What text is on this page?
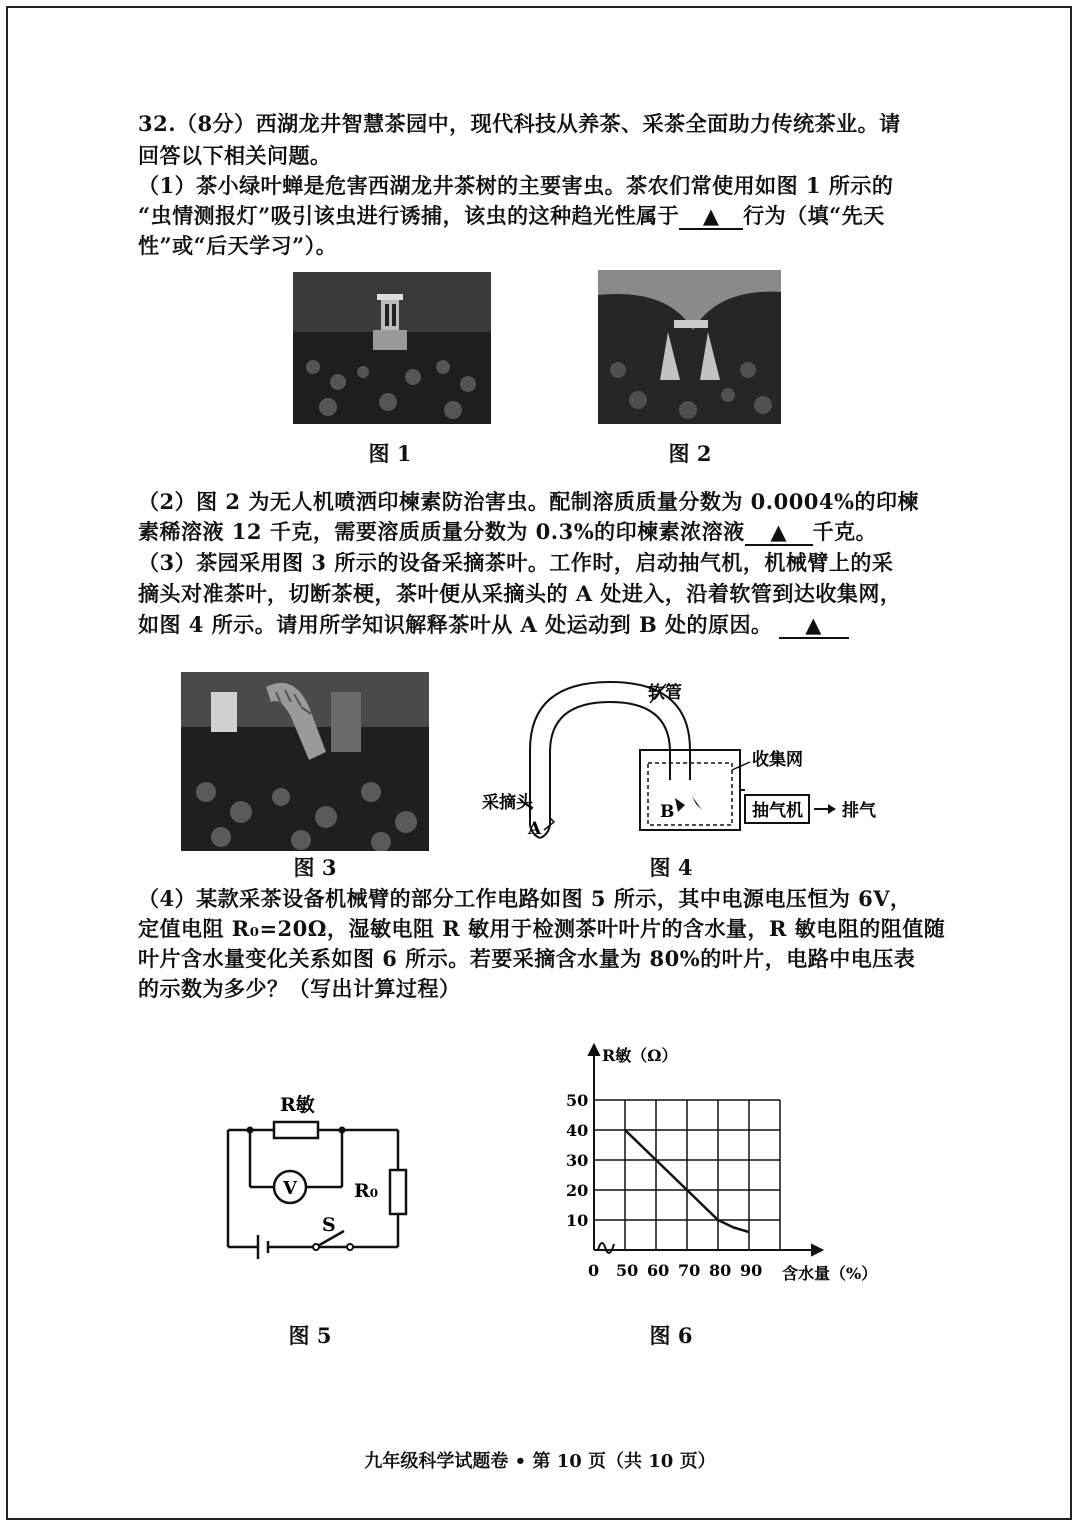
32.（8分）西湖龙井智慧茶园中，现代科技从养茶、采茶全面助力传统茶业。请
回答以下相关问题。
（1）茶小绿叶蝉是危害西湖龙井茶树的主要害虫。茶农们常使用如图 1 所示的
“虫情测报灯”吸引该虫进行诱捕，该虫的这种趋光性属于 ▲ 行为（填“先天
性”或“后天学习”）。
图 1	图 2
（2）图 2 为无人机喷洒印楝素防治害虫。配制溶质质量分数为 0.0004%的印楝
素稀溶液 12 千克，需要溶质质量分数为 0.3%的印楝素浓溶液 ▲ 千克。
（3）茶园采用图 3 所示的设备采摘茶叶。工作时，启动抽气机，机械臂上的采
摘头对准茶叶，切断茶梗，茶叶便从采摘头的 A 处进入，沿着软管到达收集网，
如图 4 所示。请用所学知识解释茶叶从 A 处运动到 B 处的原因。 ▲
软管
收集网
采摘头
A
B	抽气机 排气
图 3	图 4
（4）某款采茶设备机械臂的部分工作电路如图 5 所示，其中电源电压恒为 6V，
定值电阻 R₀=20Ω，湿敏电阻 R 敏用于检测茶叶叶片的含水量，R 敏电阻的阻值随
叶片含水量变化关系如图 6 所示。若要采摘含水量为 80%的叶片，电路中电压表
的示数为多少？（写出计算过程）
R敏
R₀
V
S	10
20
30
40
50
0 50 60 70 80 90
R敏（Ω）
含水量（%）
图 5	图 6
九年级科学试题卷 • 第 10 页（共 10 页）
